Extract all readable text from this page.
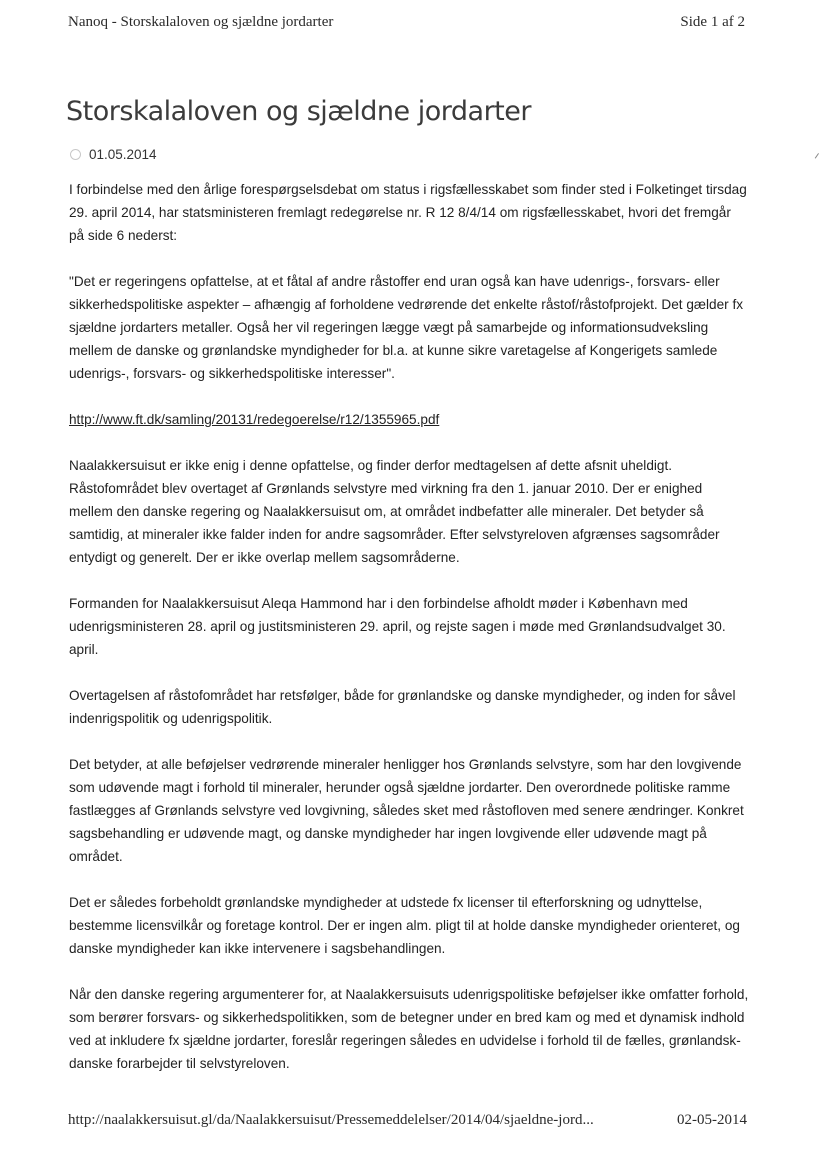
Nanoq - Storskalaloven og sjældne jordarter	Side 1 af 2
Storskalaloven og sjældne jordarter
01.05.2014

I forbindelse med den årlige forespørgselsdebat om status i rigsfællesskabet som finder sted i Folketinget tirsdag 29. april 2014, har statsministeren fremlagt redegørelse nr. R 12 8/4/14 om rigsfællesskabet, hvori det fremgår på side 6 nederst:

"Det er regeringens opfattelse, at et fåtal af andre råstoffer end uran også kan have udenrigs-, forsvars- eller sikkerhedspolitiske aspekter – afhængig af forholdene vedrørende det enkelte råstof/råstofprojekt. Det gælder fx sjældne jordarters metaller. Også her vil regeringen lægge vægt på samarbejde og informationsudveksling mellem de danske og grønlandske myndigheder for bl.a. at kunne sikre varetagelse af Kongerigets samlede udenrigs-, forsvars- og sikkerhedspolitiske interesser".

http://www.ft.dk/samling/20131/redegoerelse/r12/1355965.pdf

Naalakkersuisut er ikke enig i denne opfattelse, og finder derfor medtagelsen af dette afsnit uheldigt. Råstofområdet blev overtaget af Grønlands selvstyre med virkning fra den 1. januar 2010. Der er enighed mellem den danske regering og Naalakkersuisut om, at området indbefatter alle mineraler. Det betyder så samtidig, at mineraler ikke falder inden for andre sagsområder. Efter selvstyreloven afgrænses sagsområder entydigt og generelt. Der er ikke overlap mellem sagsområderne.

Formanden for Naalakkersuisut Aleqa Hammond har i den forbindelse afholdt møder i København med udenrigsministeren 28. april og justitsministeren 29. april, og rejste sagen i møde med Grønlandsudvalget 30. april.

Overtagelsen af råstofområdet har retsfølger, både for grønlandske og danske myndigheder, og inden for såvel indenrigspolitik og udenrigspolitik.

Det betyder, at alle beføjelser vedrørende mineraler henligger hos Grønlands selvstyre, som har den lovgivende som udøvende magt i forhold til mineraler, herunder også sjældne jordarter. Den overordnede politiske ramme fastlægges af Grønlands selvstyre ved lovgivning, således sket med råstofloven med senere ændringer. Konkret sagsbehandling er udøvende magt, og danske myndigheder har ingen lovgivende eller udøvende magt på området.

Det er således forbeholdt grønlandske myndigheder at udstede fx licenser til efterforskning og udnyttelse, bestemme licensvilkår og foretage kontrol. Der er ingen alm. pligt til at holde danske myndigheder orienteret, og danske myndigheder kan ikke intervenere i sagsbehandlingen.

Når den danske regering argumenterer for, at Naalakkersuisuts udenrigspolitiske beføjelser ikke omfatter forhold, som berører forsvars- og sikkerhedspolitikken, som de betegner under en bred kam og med et dynamisk indhold ved at inkludere fx sjældne jordarter, foreslår regeringen således en udvidelse i forhold til de fælles, grønlandsk-danske forarbejder til selvstyreloven.

http://naalakkersuisut.gl/da/Naalakkersuisut/Pressemeddelelser/2014/04/sjaeldne-jord...	02-05-2014
